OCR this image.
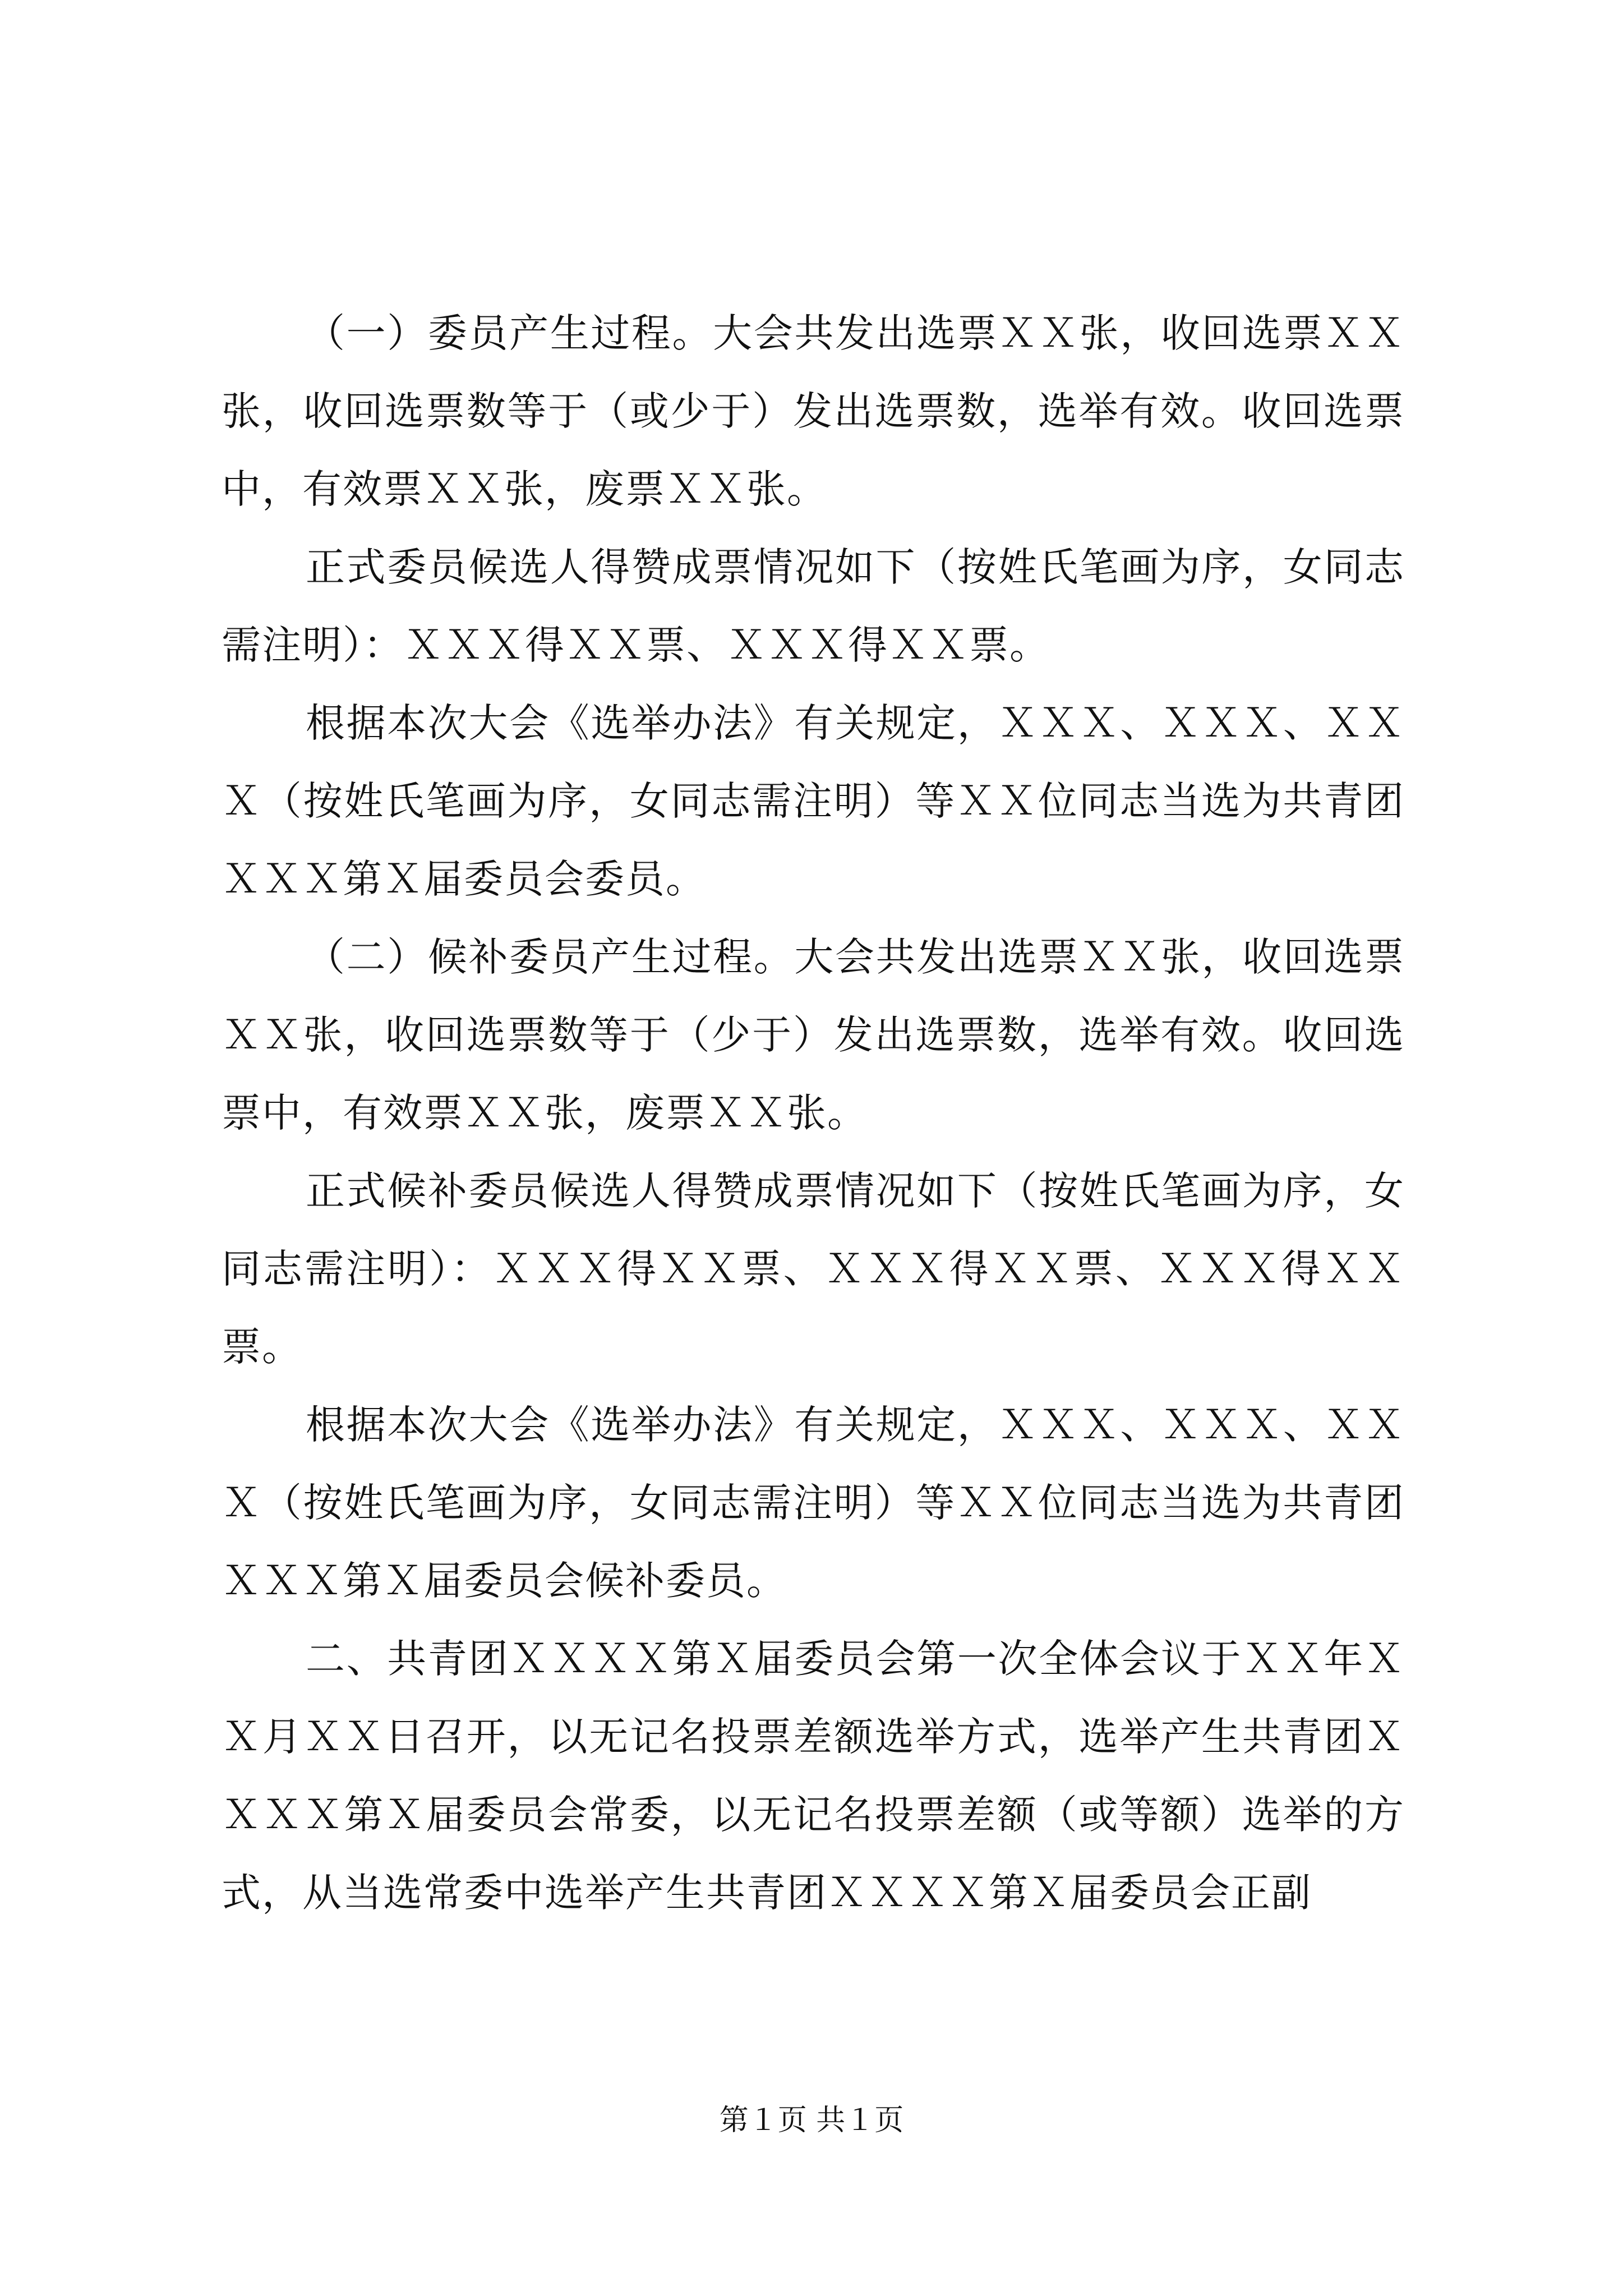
（一）委员产生过程。大会共发出选票ＸＸ张，收回选票ＸＸ张，收回选票数等于（或少于）发出选票数，选举有效。收回选票中，有效票ＸＸ张，废票ＸＸ张。

正式委员候选人得赞成票情况如下（按姓氏笔画为序，女同志需注明）：ＸＸＸ得ＸＸ票、ＸＸＸ得ＸＸ票。

根据本次大会《选举办法》有关规定，ＸＸＸ、ＸＸＸ、ＸＸＸ（按姓氏笔画为序，女同志需注明）等ＸＸ位同志当选为共青团ＸＸＸ第Ｘ届委员会委员。

（二）候补委员产生过程。大会共发出选票ＸＸ张，收回选票ＸＸ张，收回选票数等于（少于）发出选票数，选举有效。收回选票中，有效票ＸＸ张，废票ＸＸ张。

正式候补委员候选人得赞成票情况如下（按姓氏笔画为序，女同志需注明）：ＸＸＸ得ＸＸ票、ＸＸＸ得ＸＸ票、ＸＸＸ得ＸＸ票。

根据本次大会《选举办法》有关规定，ＸＸＸ、ＸＸＸ、ＸＸＸ（按姓氏笔画为序，女同志需注明）等ＸＸ位同志当选为共青团ＸＸＸ第Ｘ届委员会候补委员。

二、共青团ＸＸＸＸ第Ｘ届委员会第一次全体会议于ＸＸ年ＸＸ月ＸＸ日召开，以无记名投票差额选举方式，选举产生共青团ＸＸＸＸ第Ｘ届委员会常委，以无记名投票差额（或等额）选举的方式，从当选常委中选举产生共青团ＸＸＸＸ第Ｘ届委员会正副

第１页 共１页
